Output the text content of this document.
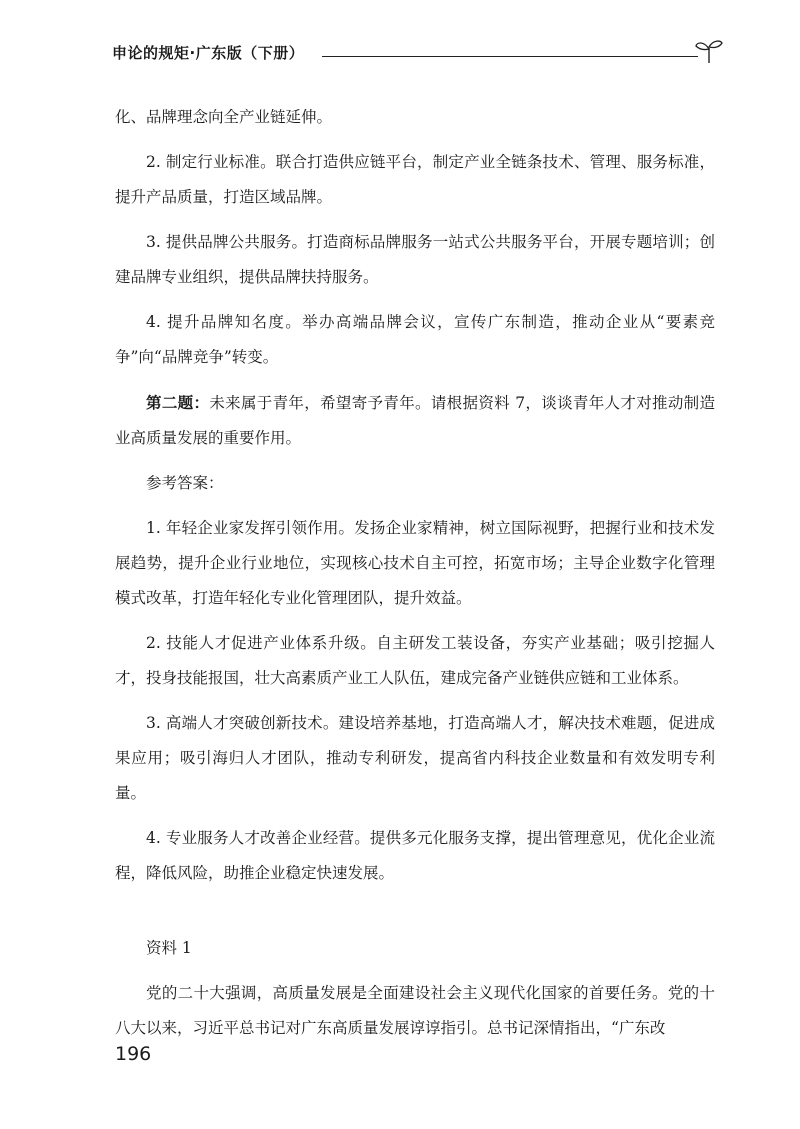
申论的规矩·广东版（下册）

化、品牌理念向全产业链延伸。

2. 制定行业标准。联合打造供应链平台，制定产业全链条技术、管理、服务标准，提升产品质量，打造区域品牌。

3. 提供品牌公共服务。打造商标品牌服务一站式公共服务平台，开展专题培训；创建品牌专业组织，提供品牌扶持服务。

4. 提升品牌知名度。举办高端品牌会议，宣传广东制造，推动企业从“要素竞争”向“品牌竞争”转变。

第二题：未来属于青年，希望寄予青年。请根据资料 7，谈谈青年人才对推动制造业高质量发展的重要作用。

参考答案：

1. 年轻企业家发挥引领作用。发扬企业家精神，树立国际视野，把握行业和技术发展趋势，提升企业行业地位，实现核心技术自主可控，拓宽市场；主导企业数字化管理模式改革，打造年轻化专业化管理团队，提升效益。

2. 技能人才促进产业体系升级。自主研发工装设备，夯实产业基础；吸引挖掘人才，投身技能报国，壮大高素质产业工人队伍，建成完备产业链供应链和工业体系。

3. 高端人才突破创新技术。建设培养基地，打造高端人才，解决技术难题，促进成果应用；吸引海归人才团队，推动专利研发，提高省内科技企业数量和有效发明专利量。

4. 专业服务人才改善企业经营。提供多元化服务支撑，提出管理意见，优化企业流程，降低风险，助推企业稳定快速发展。

资料 1

党的二十大强调，高质量发展是全面建设社会主义现代化国家的首要任务。党的十八大以来，习近平总书记对广东高质量发展谆谆指引。总书记深情指出，“广东改

196
